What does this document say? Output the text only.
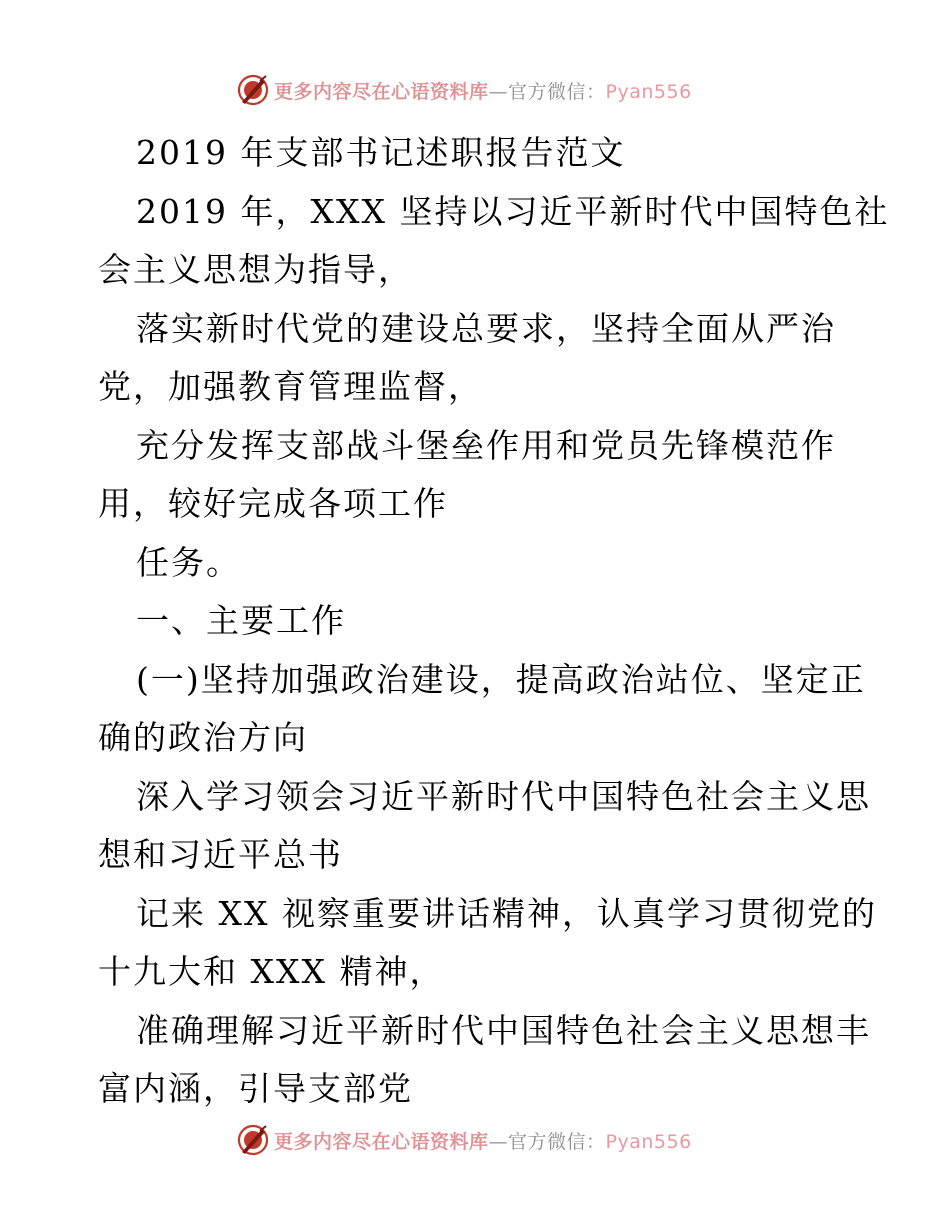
更多内容尽在心语资料库—官方微信：Pyan556
2019 年支部书记述职报告范文
2019 年，XXX 坚持以习近平新时代中国特色社
会主义思想为指导，
落实新时代党的建设总要求，坚持全面从严治
党，加强教育管理监督，
充分发挥支部战斗堡垒作用和党员先锋模范作
用，较好完成各项工作
任务。
一、主要工作
(一)坚持加强政治建设，提高政治站位、坚定正
确的政治方向
深入学习领会习近平新时代中国特色社会主义思
想和习近平总书
记来 XX 视察重要讲话精神，认真学习贯彻党的
十九大和 XXX 精神，
准确理解习近平新时代中国特色社会主义思想丰
富内涵，引导支部党
更多内容尽在心语资料库—官方微信：Pyan556
